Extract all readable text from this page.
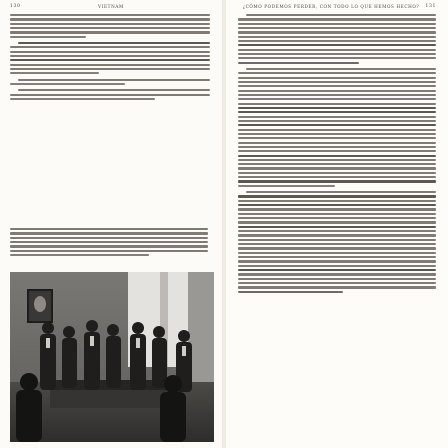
130	VIETNAM	¿CÓMO PODEMOS PERDER, CON TODO LO QUE HEMOS HECHO?	131
